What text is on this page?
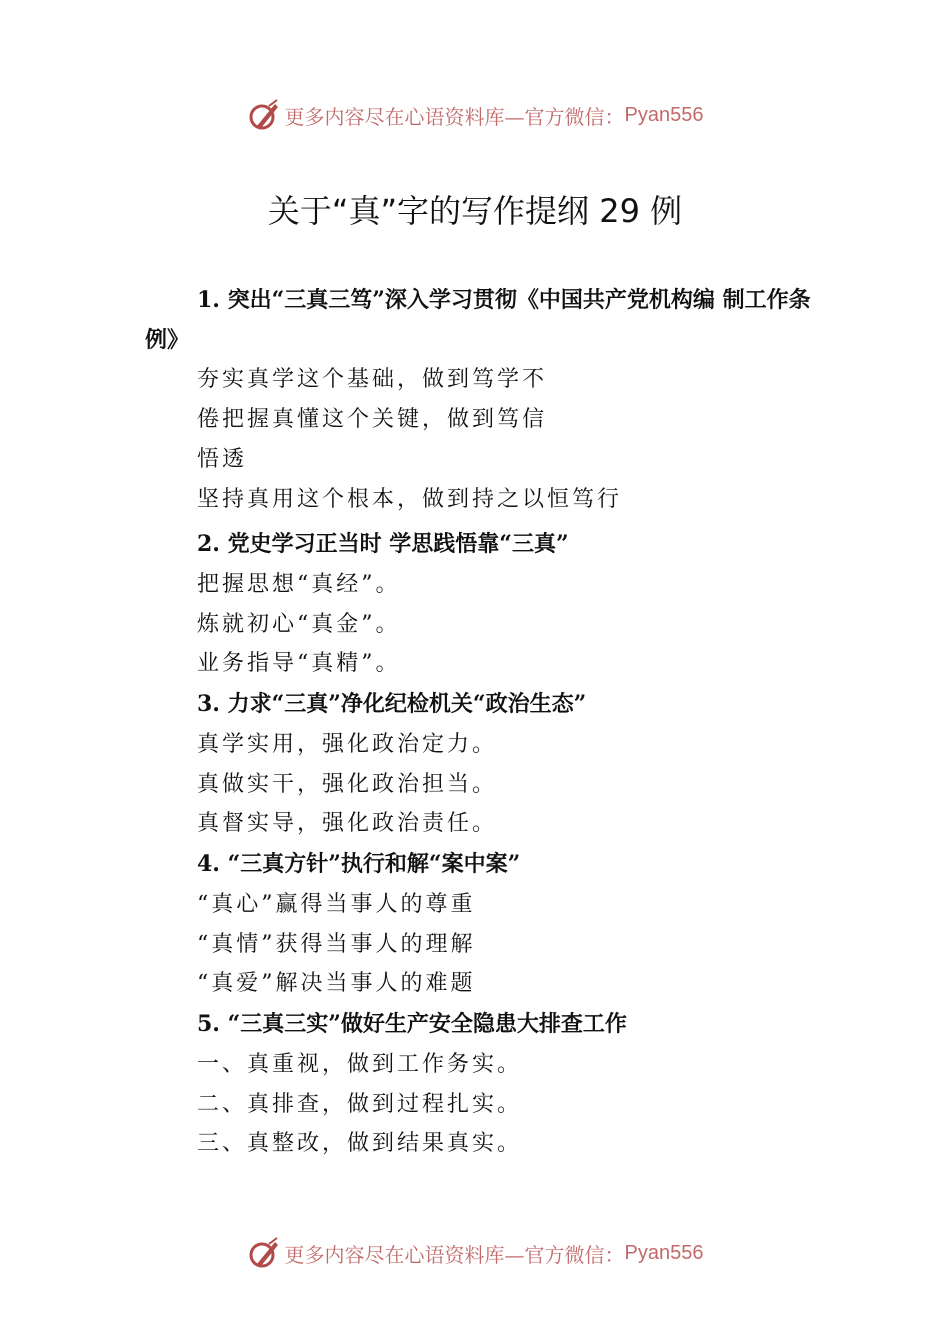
更多内容尽在心语资料库—官方微信： Pyan556
关于“真”字的写作提纲 29 例

1. 突出“三真三笃”深入学习贯彻《中国共产党机构编 制工作条例》

夯实真学这个基础，做到笃学不

倦把握真懂这个关键，做到笃信

悟透

坚持真用这个根本，做到持之以恒笃行

2. 党史学习正当时 学思践悟靠“三真”

把握思想“真经”。

炼就初心“真金”。

业务指导“真精”。

3. 力求“三真”净化纪检机关“政治生态”

真学实用，强化政治定力。

真做实干，强化政治担当。

真督实导，强化政治责任。

4. “三真方针”执行和解“案中案”

“真心”赢得当事人的尊重

“真情”获得当事人的理解

“真爱”解决当事人的难题

5. “三真三实”做好生产安全隐患大排查工作

一、真重视，做到工作务实。

二、真排查，做到过程扎实。

三、真整改，做到结果真实。

更多内容尽在心语资料库—官方微信： Pyan556
